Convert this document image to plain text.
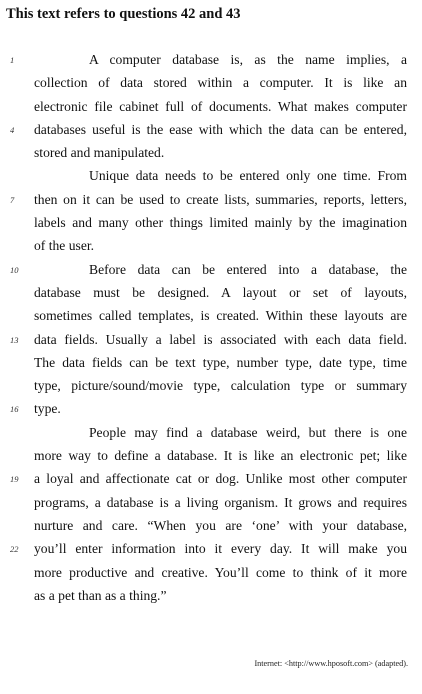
This text refers to questions 42 and 43
1	A computer database is, as the name implies, a
collection of data stored within a computer. It is like an
electronic file cabinet full of documents. What makes computer
4 databases useful is the ease with which the data can be entered,
stored and manipulated.
Unique data needs to be entered only one time. From
7 then on it can be used to create lists, summaries, reports, letters,
labels and many other things limited mainly by the imagination
of the user.
10	Before data can be entered into a database, the
database must be designed. A layout or set of layouts,
sometimes called templates, is created. Within these layouts are
13 data fields. Usually a label is associated with each data field.
The data fields can be text type, number type, date type, time
type, picture/sound/movie type, calculation type or summary
16 type.
People may find a database weird, but there is one
more way to define a database. It is like an electronic pet; like
19 a loyal and affectionate cat or dog. Unlike most other computer
programs, a database is a living organism. It grows and requires
nurture and care. “When you are ‘one’ with your database,
22 you’ll enter information into it every day. It will make you
more productive and creative. You’ll come to think of it more
as a pet than as a thing.”
Internet: <http://www.hposoft.com> (adapted).
